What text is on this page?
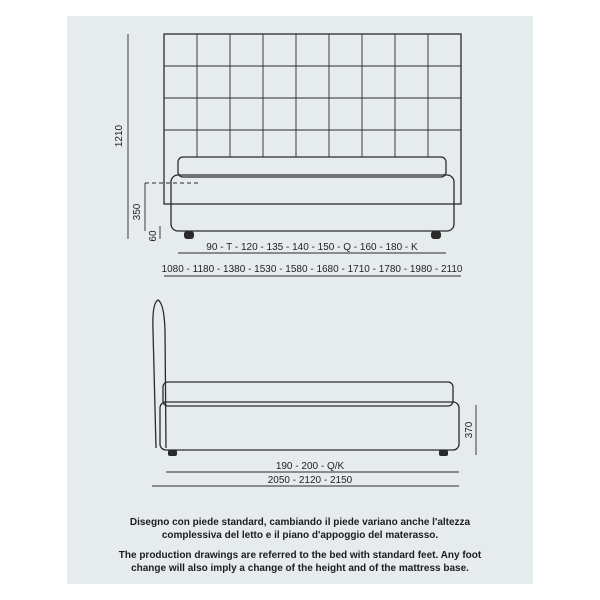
1210
350
60
90 - T - 120 - 135 - 140 - 150 - Q - 160 - 180 - K
1080 - 1180 - 1380 - 1530 - 1580 - 1680 - 1710 - 1780 - 1980 - 2110
370
190 - 200 - Q/K
2050 - 2120 - 2150

Disegno con piede standard, cambiando il piede variano anche l'altezza

complessiva del letto e il piano d'appoggio del materasso.

The production drawings are referred to the bed with standard feet. Any foot

change will also imply a change of the height and of the mattress base.
